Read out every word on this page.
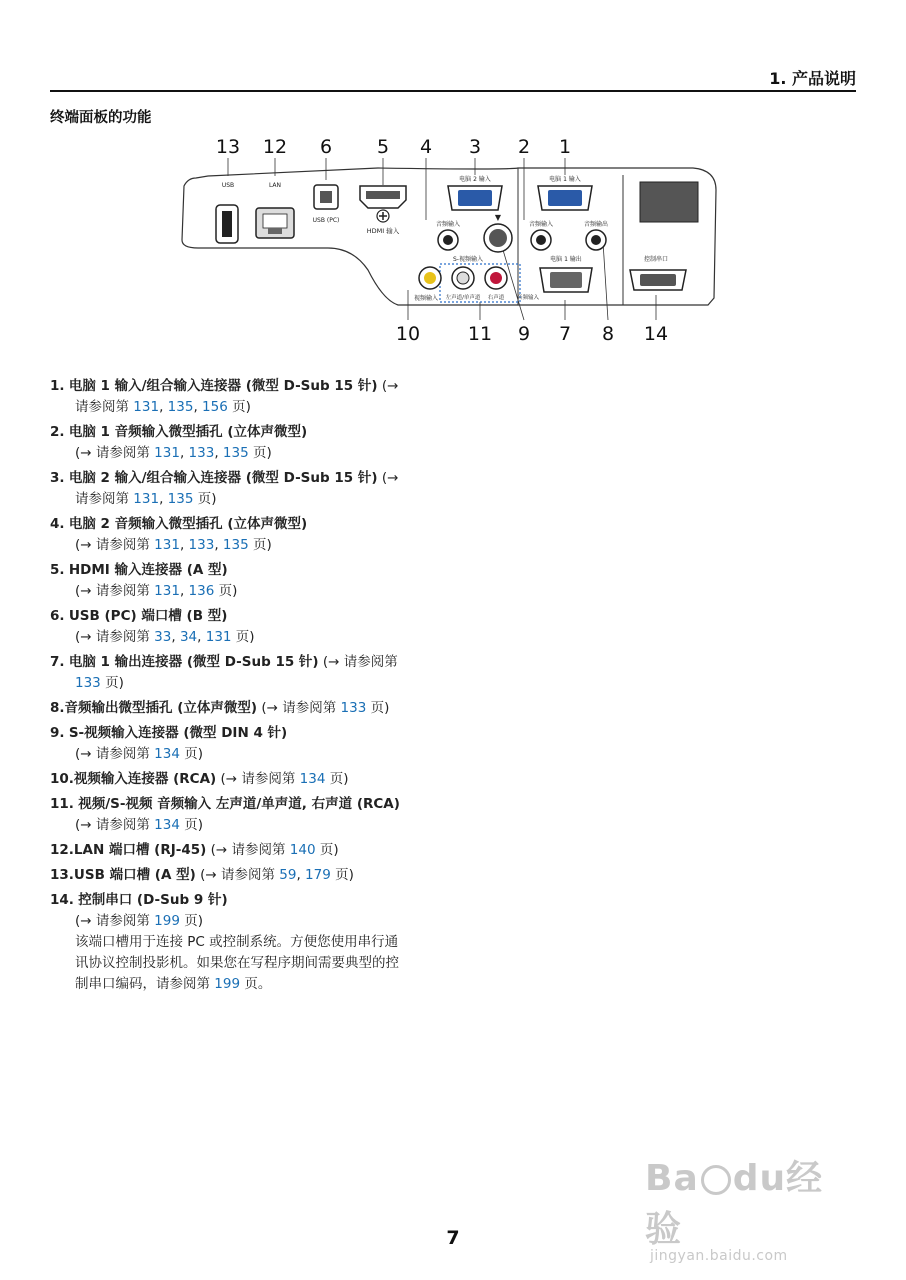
1. 产品说明
终端面板的功能
13 12 6 5 4 3 2 1
10	11 9 7 8 14
USB	LAN
USB (PC)
HDMI 输入
音频输入
电脑 2 输入
▼
音频输入
电脑 1 输入
音频输出
S-视频输入
视频输入 左声道/单声道 右声道 音频输入
电脑 1 输出	控制串口
1. 电脑 1 输入/组合输入连接器 (微型 D-Sub 15 针) (→
请参阅第 131, 135, 156 页)
2. 电脑 1 音频输入微型插孔 (立体声微型)
(→ 请参阅第 131, 133, 135 页)
3. 电脑 2 输入/组合输入连接器 (微型 D-Sub 15 针) (→
请参阅第 131, 135 页)
4. 电脑 2 音频输入微型插孔 (立体声微型)
(→ 请参阅第 131, 133, 135 页)
5. HDMI 输入连接器 (A 型)
(→ 请参阅第 131, 136 页)
6. USB (PC) 端口槽 (B 型)
(→ 请参阅第 33, 34, 131 页)
7. 电脑 1 输出连接器 (微型 D-Sub 15 针) (→ 请参阅第
133 页)
8.音频输出微型插孔 (立体声微型) (→ 请参阅第 133 页)
9. S-视频输入连接器 (微型 DIN 4 针)
(→ 请参阅第 134 页)
10.视频输入连接器 (RCA) (→ 请参阅第 134 页)
11. 视频/S-视频 音频输入 左声道/单声道, 右声道 (RCA)
(→ 请参阅第 134 页)
12.LAN 端口槽 (RJ-45) (→ 请参阅第 140 页)
13.USB 端口槽 (A 型) (→ 请参阅第 59, 179 页)
14. 控制串口 (D-Sub 9 针)
(→ 请参阅第 199 页)
该端口槽用于连接 PC 或控制系统。方便您使用串行通
讯协议控制投影机。如果您在写程序期间需要典型的控
制串口编码，请参阅第 199 页。
7
Ba du经验
jingyan.baidu.com
